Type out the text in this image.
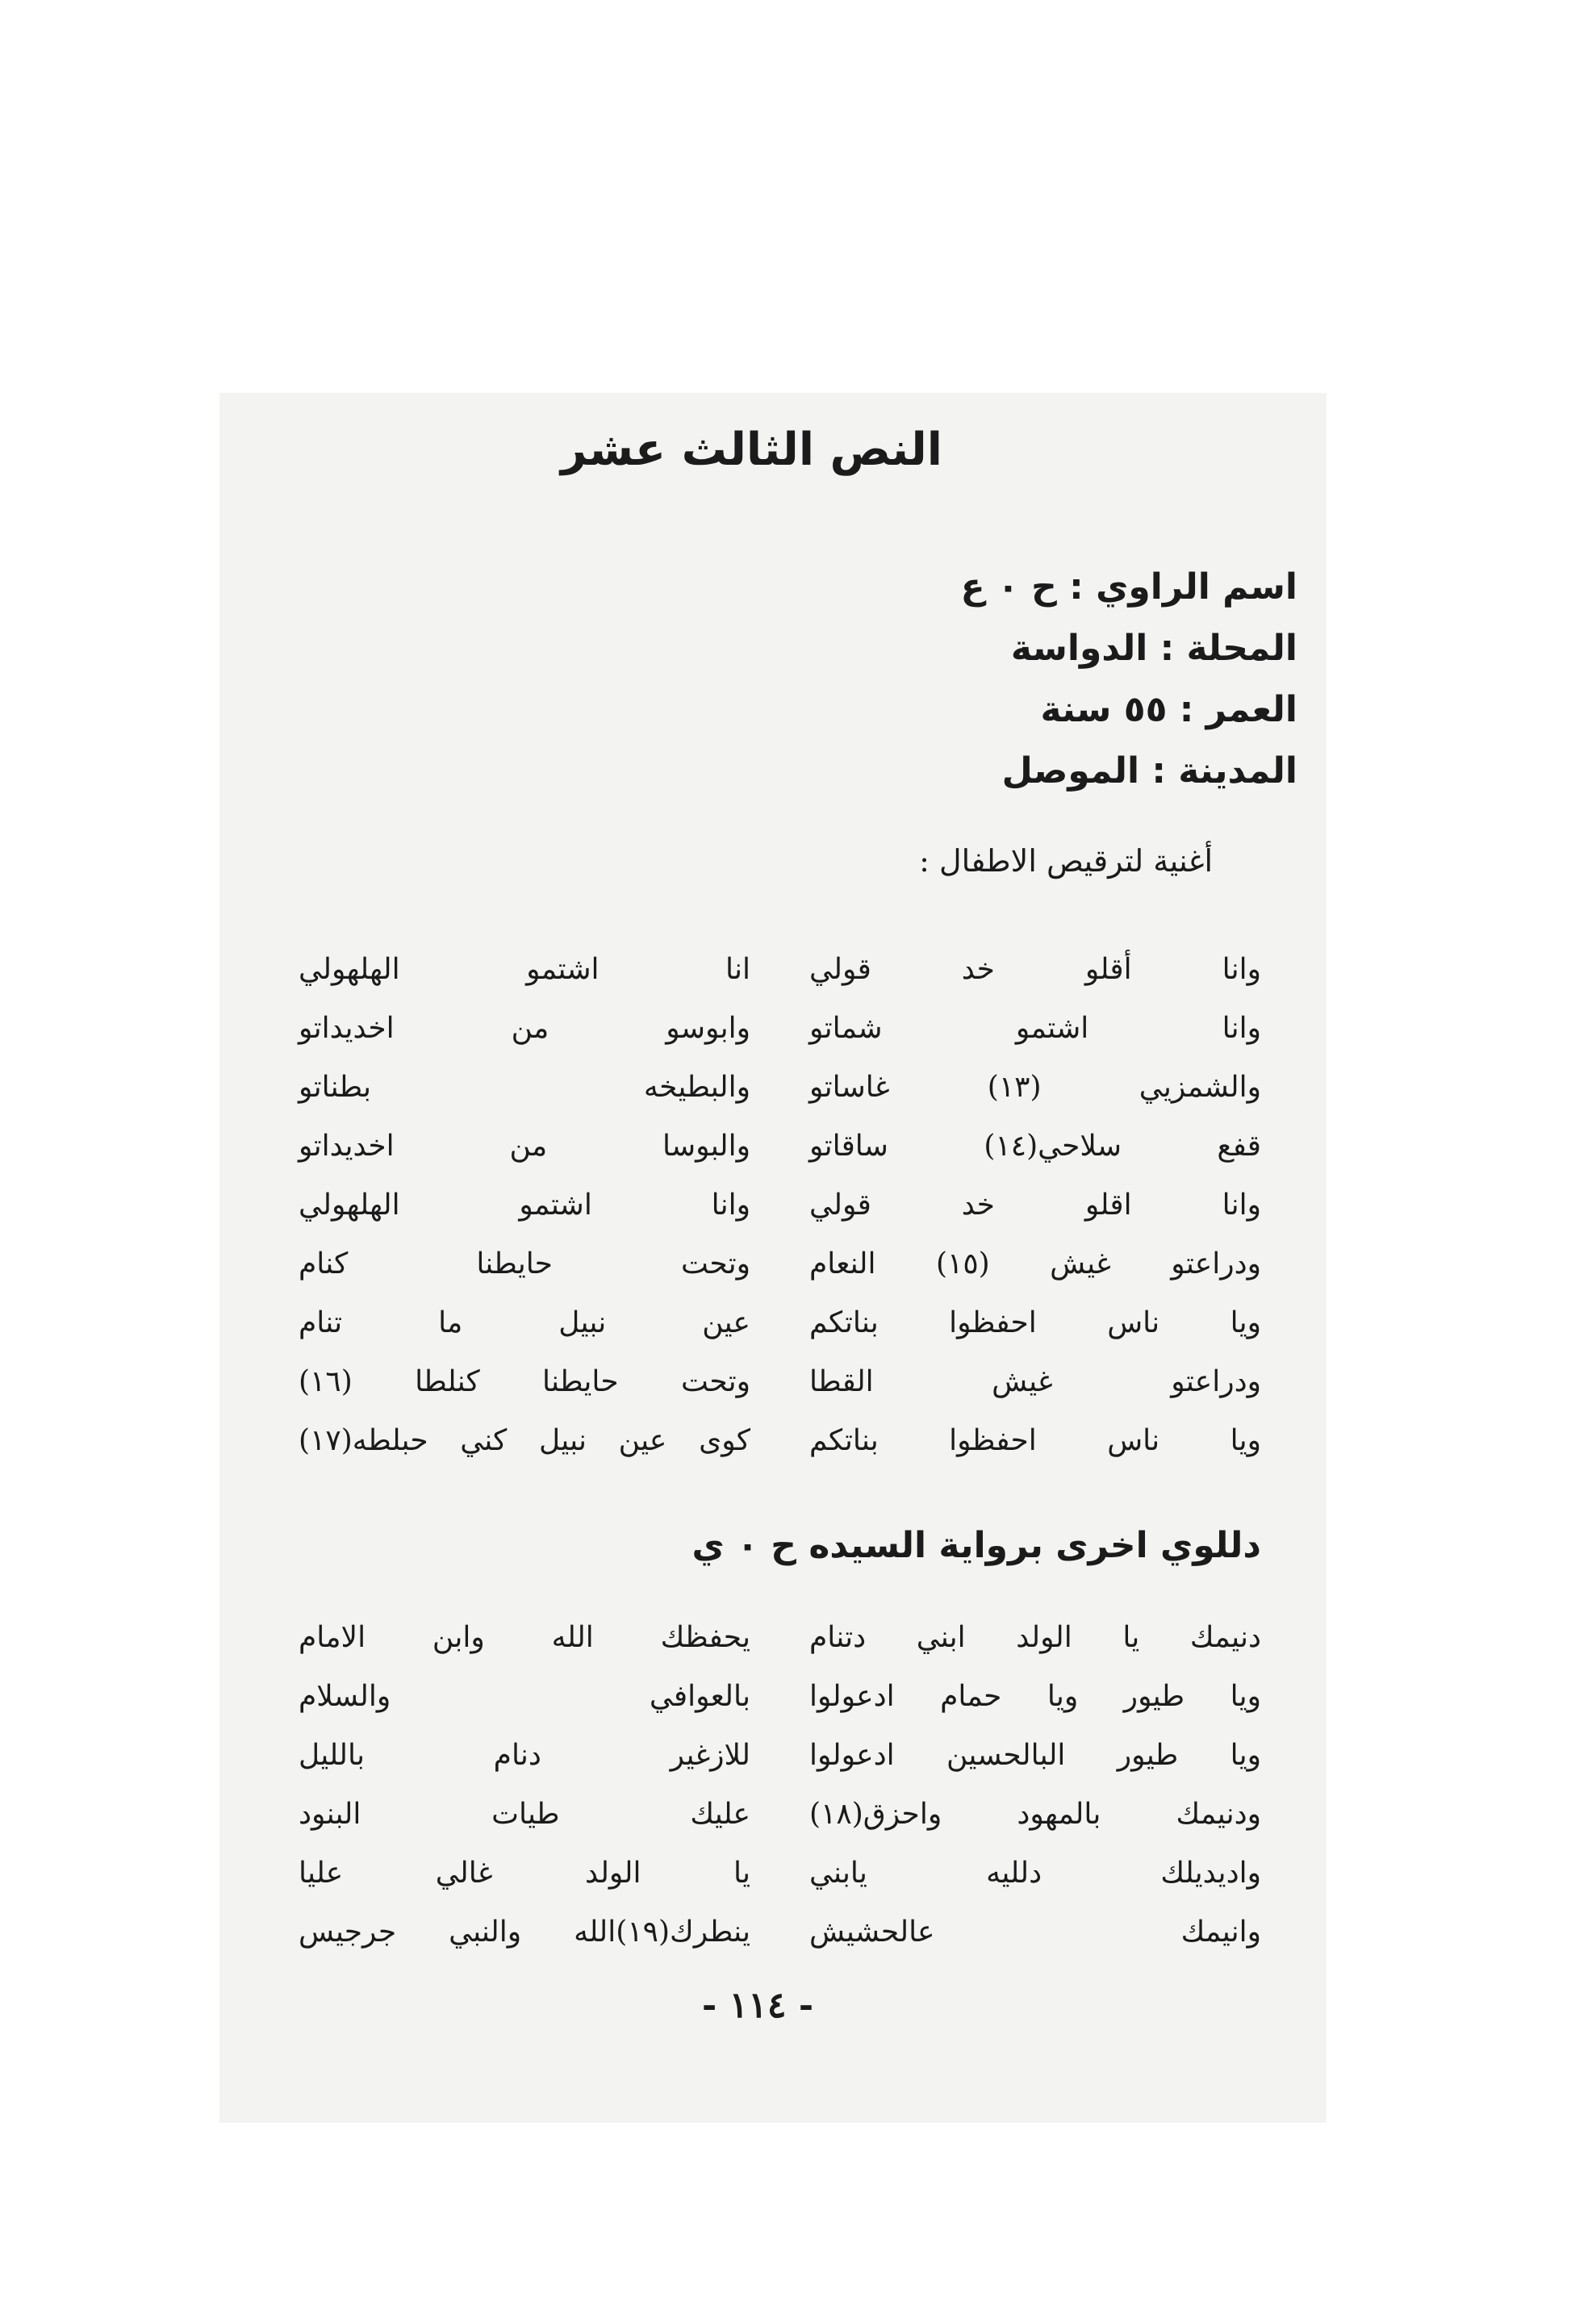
النص الثالث عشر
اسم الراوي : ح ٠ ع
المحلة : الدواسة
العمر : ٥٥ سنة
المدينة : الموصل
أغنية لترقيص الاطفال :
وانا أقلو خد قولي
انا اشتمو الهلهولي
وانا اشتمو شماتو
وابوسو من اخديداتو
والشمزيي (١٣) غاساتو
والبطيخه بطناتو
قفع سلاحي(١٤) ساقاتو
والبوسا من اخديداتو
وانا اقلو خد قولي
وانا اشتمو الهلهولي
ودراعتو غيش (١٥) النعام
وتحت حايطنا كنام
ويا ناس احفظوا بناتكم
عين نبيل ما تنام
ودراعتو غيش القطا
وتحت حايطنا كنلطا (١٦)
ويا ناس احفظوا بناتكم
كوى عين نبيل كني حبلطه(١٧)
دللوي اخرى برواية السيده ح ٠ ي
دنيمك يا الولد ابني دتنام
يحفظك الله وابن الامام
ويا طيور ويا حمام ادعولوا
بالعوافي والسلام
ويا طيور البالحسين ادعولوا
للازغير دنام بالليل
ودنيمك بالمهود واحزق(١٨)
عليك طيات البنود
واديديلك دلليه يابني
يا الولد غالي عليا
وانيمك عالحشيش
ينطرك(١٩)الله والنبي جرجيس
- ١١٤ -
